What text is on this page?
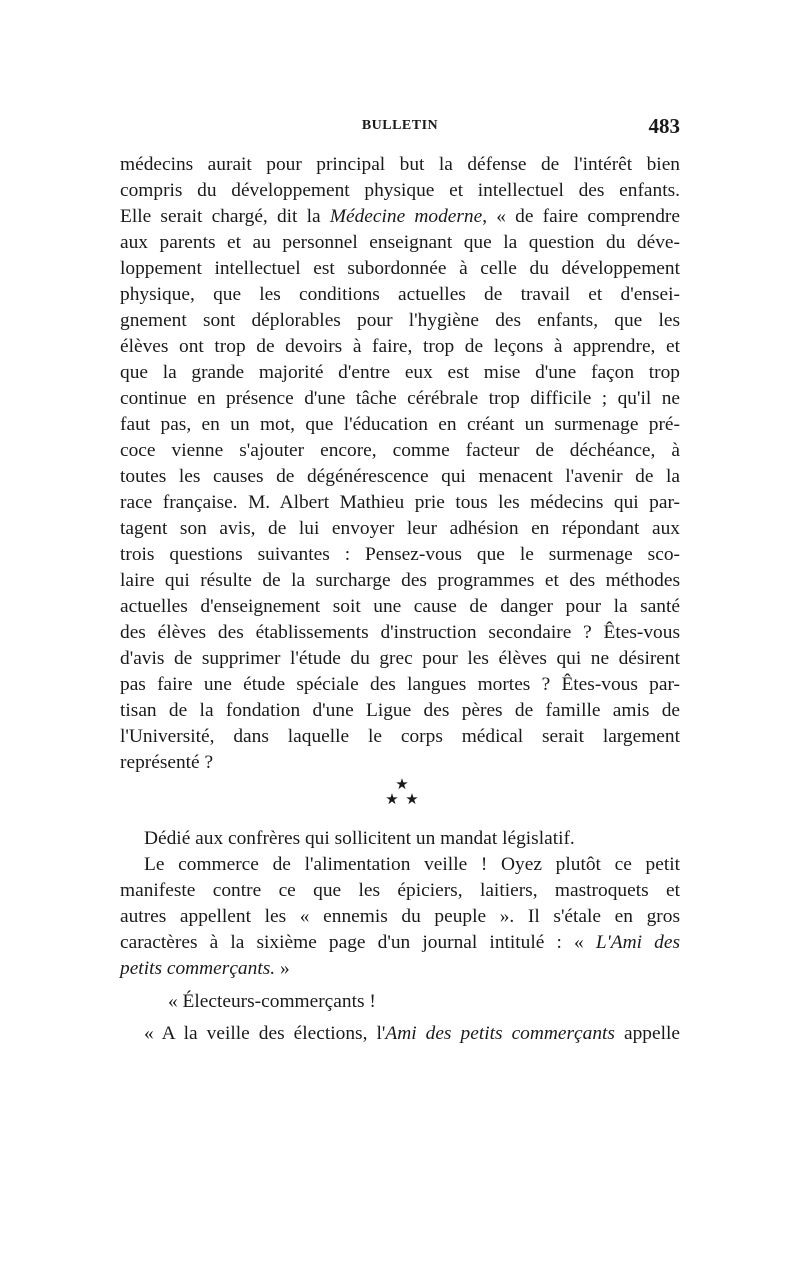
BULLETIN	483
médecins aurait pour principal but la défense de l'intérêt bien
compris du développement physique et intellectuel des enfants.
Elle serait chargé, dit la Médecine moderne, « de faire comprendre
aux parents et au personnel enseignant que la question du déve-
loppement intellectuel est subordonnée à celle du développement
physique, que les conditions actuelles de travail et d'ensei-
gnement sont déplorables pour l'hygiène des enfants, que les
élèves ont trop de devoirs à faire, trop de leçons à apprendre, et
que la grande majorité d'entre eux est mise d'une façon trop
continue en présence d'une tâche cérébrale trop difficile ; qu'il ne
faut pas, en un mot, que l'éducation en créant un surmenage pré-
coce vienne s'ajouter encore, comme facteur de déchéance, à
toutes les causes de dégénérescence qui menacent l'avenir de la
race française. M. Albert Mathieu prie tous les médecins qui par-
tagent son avis, de lui envoyer leur adhésion en répondant aux
trois questions suivantes : Pensez-vous que le surmenage sco-
laire qui résulte de la surcharge des programmes et des méthodes
actuelles d'enseignement soit une cause de danger pour la santé
des élèves des établissements d'instruction secondaire ? Êtes-vous
d'avis de supprimer l'étude du grec pour les élèves qui ne désirent
pas faire une étude spéciale des langues mortes ? Êtes-vous par-
tisan de la fondation d'une Ligue des pères de famille amis de
l'Université, dans laquelle le corps médical serait largement
représenté ?
★
★ ★
Dédié aux confrères qui sollicitent un mandat législatif.
Le commerce de l'alimentation veille ! Oyez plutôt ce petit
manifeste contre ce que les épiciers, laitiers, mastroquets et
autres appellent les « ennemis du peuple ». Il s'étale en gros
caractères à la sixième page d'un journal intitulé : « L'Ami des
petits commerçants. »
« Électeurs-commerçants !
« A la veille des élections, l'Ami des petits commerçants appelle
